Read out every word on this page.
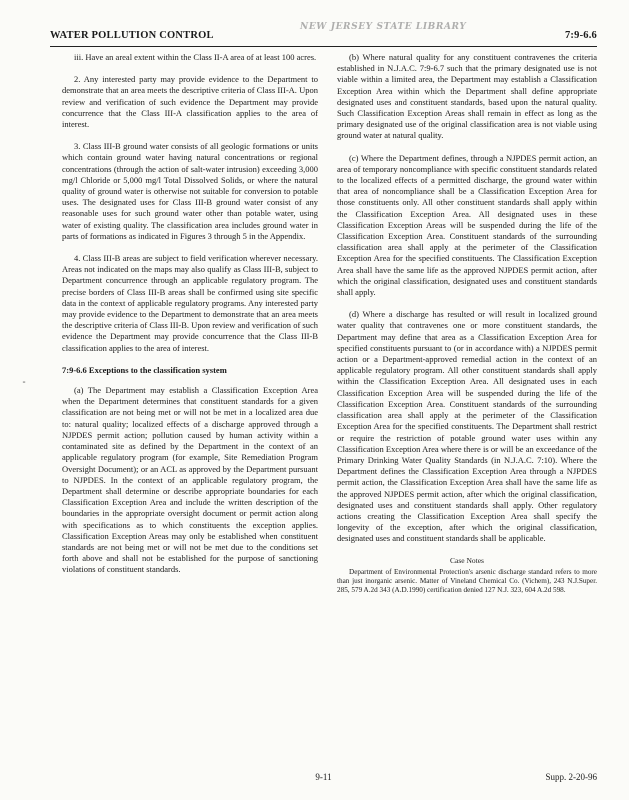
WATER POLLUTION CONTROL
NEW JERSEY STATE LIBRARY
7:9-6.6
⁃

iii. Have an areal extent within the Class II-A area of at least 100 acres.

2. Any interested party may provide evidence to the Department to demonstrate that an area meets the descriptive criteria of Class III-A. Upon review and verification of such evidence the Department may provide concurrence that the Class III-A classification applies to the area of interest.

3. Class III-B ground water consists of all geologic formations or units which contain ground water having natural concentrations or regional concentrations (through the action of salt-water intrusion) exceeding 3,000 mg/l Chloride or 5,000 mg/l Total Dissolved Solids, or where the natural quality of ground water is otherwise not suitable for conversion to potable uses. The designated uses for Class III-B ground water consist of any reasonable uses for such ground water other than potable water, using water of existing quality. The classification area includes ground water in parts of formations as indicated in Figures 3 through 5 in the Appendix.

4. Class III-B areas are subject to field verification wherever necessary. Areas not indicated on the maps may also qualify as Class III-B, subject to Department concurrence through an applicable regulatory program. The precise borders of Class III-B areas shall be confirmed using site specific data in the context of applicable regulatory programs. Any interested party may provide evidence to the Department to demonstrate that an area meets the descriptive criteria of Class III-B. Upon review and verification of such evidence the Department may provide concurrence that the Class III-B classification applies to the area of interest.

7:9-6.6 Exceptions to the classification system

(a) The Department may establish a Classification Exception Area when the Department determines that constituent standards for a given classification are not being met or will not be met in a localized area due to: natural quality; localized effects of a discharge approved through a NJPDES permit action; pollution caused by human activity within a contaminated site as defined by the Department in the context of an applicable regulatory program (for example, Site Remediation Program Oversight Document); or an ACL as approved by the Department pursuant to NJPDES. In the context of an applicable regulatory program, the Department shall determine or describe appropriate boundaries for each Classification Exception Area and include the written description of the boundaries in the appropriate oversight document or permit action along with specifications as to which constituents the exception applies. Classification Exception Areas may only be established when constituent standards are not being met or will not be met due to the conditions set forth above and shall not be established for the purpose of sanctioning violations of constituent standards.

(b) Where natural quality for any constituent contravenes the criteria established in N.J.A.C. 7:9-6.7 such that the primary designated use is not viable within a limited area, the Department may establish a Classification Exception Area within which the Department shall define appropriate designated uses and constituent standards, based upon the natural quality. Such Classification Exception Areas shall remain in effect as long as the primary designated use of the original classification area is not viable using ground water at natural quality.

(c) Where the Department defines, through a NJPDES permit action, an area of temporary noncompliance with specific constituent standards related to the localized effects of a permitted discharge, the ground water within that area of noncompliance shall be a Classification Exception Area for those constituents only. All other constituent standards shall apply within the Classification Exception Area. All designated uses in these Classification Exception Areas will be suspended during the life of the Classification Exception Area. Constituent standards of the surrounding classification area shall apply at the perimeter of the Classification Exception Area for the specified constituents. The Classification Exception Area shall have the same life as the approved NJPDES permit action, after which the original classification, designated uses and constituent standards shall apply.

(d) Where a discharge has resulted or will result in localized ground water quality that contravenes one or more constituent standards, the Department may define that area as a Classification Exception Area for specified constituents pursuant to (or in accordance with) a NJPDES permit action or a Department-approved remedial action in the context of an applicable regulatory program. All other constituent standards shall apply within the Classification Exception Area. All designated uses in each Classification Exception Area will be suspended during the life of the Classification Exception Area. Constituent standards of the surrounding classification area shall apply at the perimeter of the Classification Exception Area for the specified constituents. The Department shall restrict or require the restriction of potable ground water uses within any Classification Exception Area where there is or will be an exceedance of the Primary Drinking Water Quality Standards (in N.J.A.C. 7:10). Where the Department defines the Classification Exception Area through a NJPDES permit action, the Classification Exception Area shall have the same life as the approved NJPDES permit action, after which the original classification, designated uses and constituent standards shall apply. Other regulatory actions creating the Classification Exception Area shall specify the longevity of the exception, after which the original classification, designated uses and constituent standards shall be applicable.

Case Notes
Department of Environmental Protection's arsenic discharge standard refers to more than just inorganic arsenic. Matter of Vineland Chemical Co. (Vichem), 243 N.J.Super. 285, 579 A.2d 343 (A.D.1990) certification denied 127 N.J. 323, 604 A.2d 598.
9-11	Supp. 2-20-96
